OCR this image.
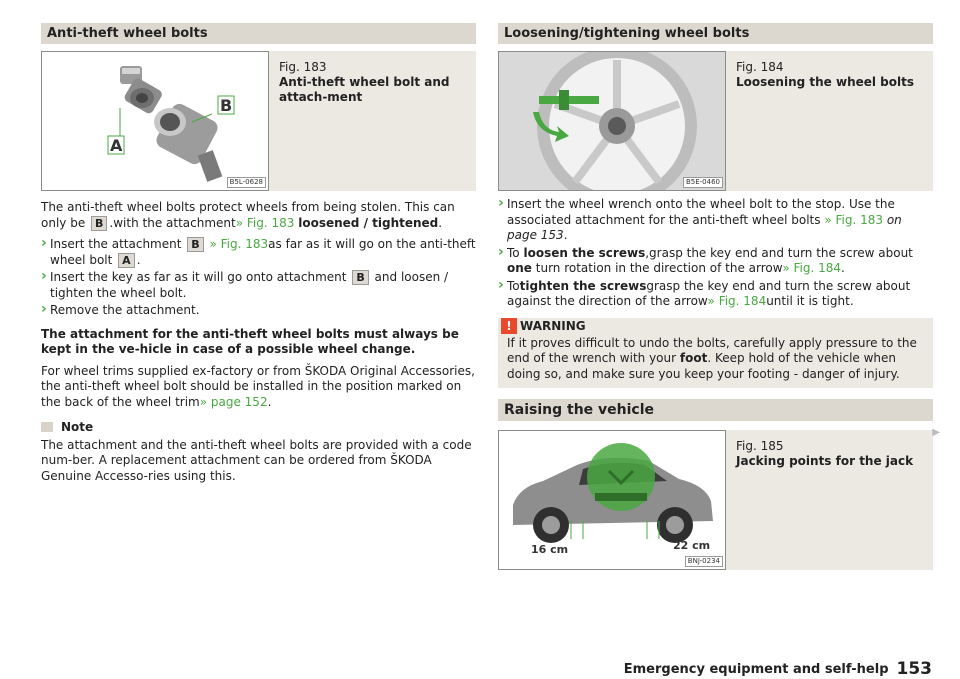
Anti-theft wheel bolts
B
A
B5L-0628
Fig. 183
Anti-theft wheel bolt and attach-ment

The anti-theft wheel bolts protect wheels from being stolen. This can only be B .with the attachment» Fig. 183 loosened / tightened.

› Insert the attachment B » Fig. 183as far as it will go on the anti-theft wheel bolt A .
› Insert the key as far as it will go onto attachment B and loosen / tighten the wheel bolt.
› Remove the attachment.

The attachment for the anti-theft wheel bolts must always be kept in the ve-hicle in case of a possible wheel change.

For wheel trims supplied ex-factory or from ŠKODA Original Accessories, the anti-theft wheel bolt should be installed in the position marked on the back of the wheel trim» page 152.

Note

The attachment and the anti-theft wheel bolts are provided with a code num-ber. A replacement attachment can be ordered from ŠKODA Genuine Accesso-ries using this.

Loosening/tightening wheel bolts
B5E-0460
Fig. 184
Loosening the wheel bolts
› Insert the wheel wrench onto the wheel bolt to the stop. Use the associated attachment for the anti-theft wheel bolts » Fig. 183 on page 153.
› To loosen the screws,grasp the key end and turn the screw about one turn rotation in the direction of the arrow» Fig. 184.
› Totighten the screwsgrasp the key end and turn the screw about against the direction of the arrow» Fig. 184until it is tight.
! WARNING
If it proves difficult to undo the bolts, carefully apply pressure to the end of the wrench with your foot. Keep hold of the vehicle when doing so, and make sure you keep your footing - danger of injury.
Raising the vehicle
16 cm	22 cm
BNJ-0234
Fig. 185
Jacking points for the jack
▶
Emergency equipment and self-help 153
